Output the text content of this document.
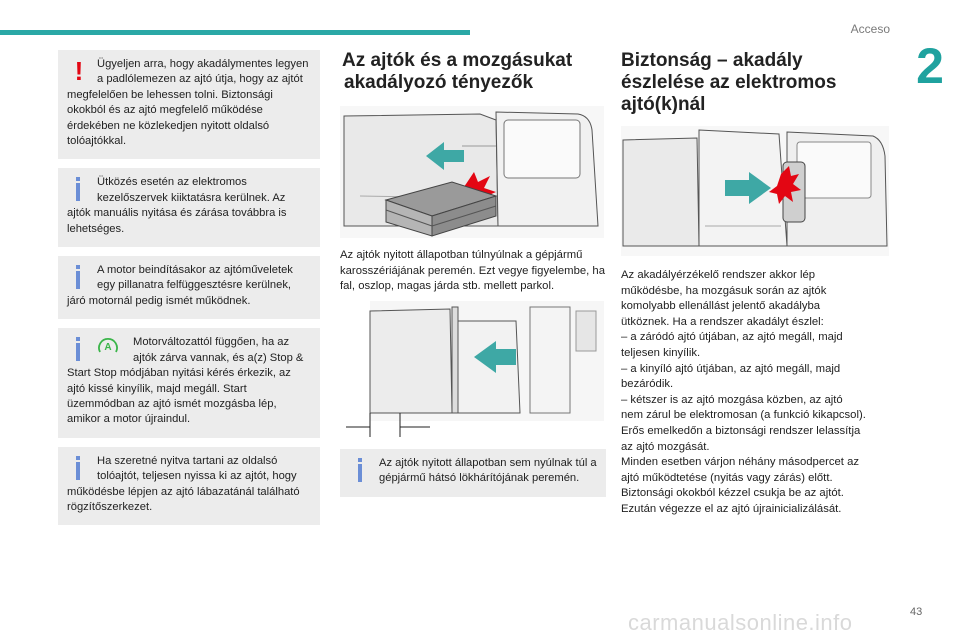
Acceso
2
!	Ügyeljen arra, hogy akadálymentes legyen a padlólemezen az ajtó útja, hogy az ajtót megfelelően be lehessen tolni. Biztonsági okokból és az ajtó megfelelő működése érdekében ne közlekedjen nyitott oldalsó tolóajtókkal.
Ütközés esetén az elektromos kezelőszervek kiiktatásra kerülnek. Az ajtók manuális nyitása és zárása továbbra is lehetséges.
A motor beindításakor az ajtóműveletek egy pillanatra felfüggesztésre kerülnek, járó motornál pedig ismét működnek.
A	Motorváltozattól függően, ha az ajtók zárva vannak, és a(z) Stop & Start Stop módjában nyitási kérés érkezik, az ajtó kissé kinyílik, majd megáll. Start üzemmódban az ajtó ismét mozgásba lép, amikor a motor újraindul.
Ha szeretné nyitva tartani az oldalsó tolóajtót, teljesen nyissa ki az ajtót, hogy működésbe lépjen az ajtó lábazatánál található rögzítőszerkezet.
Az ajtók és a mozgásukat
akadályozó tényezők

Az ajtók nyitott állapotban túlnyúlnak a gépjármű karosszériájának peremén. Ezt vegye figyelembe, ha fal, oszlop, magas járda stb. mellett parkol.

Az ajtók nyitott állapotban sem nyúlnak túl a gépjármű hátsó lökhárítójának peremén.
Biztonság – akadály
észlelése az elektromos
ajtó(k)nál
Az akadályérzékelő rendszer akkor lép
működésbe, ha mozgásuk során az ajtók
komolyabb ellenállást jelentő akadályba
ütköznek. Ha a rendszer akadályt észlel:
– a záródó ajtó útjában, az ajtó megáll, majd
teljesen kinyílik.
– a kinyíló ajtó útjában, az ajtó megáll, majd
bezáródik.
– kétszer is az ajtó mozgása közben, az ajtó
nem zárul be elektromosan (a funkció kikapcsol).
Erős emelkedőn a biztonsági rendszer lelassítja
az ajtó mozgását.
Minden esetben várjon néhány másodpercet az
ajtó működtetése (nyitás vagy zárás) előtt.
Biztonsági okokból kézzel csukja be az ajtót.
Ezután végezze el az ajtó újrainicializálását.
carmanualsonline.info	43
